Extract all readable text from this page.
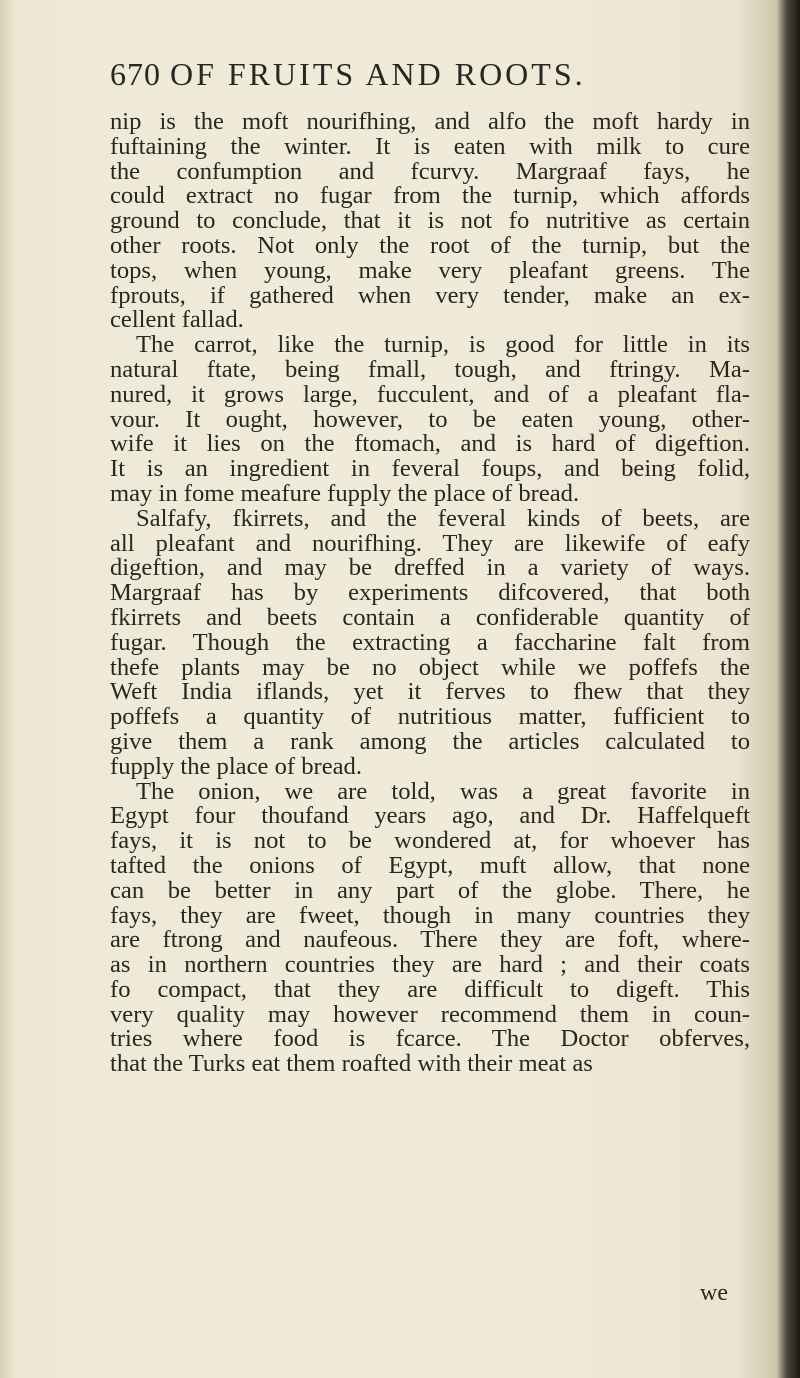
670 OF FRUITS AND ROOTS.
nip is the moft nourifhing, and alfo the moft hardy in
fuftaining the winter. It is eaten with milk to cure
the confumption and fcurvy. Margraaf fays, he
could extract no fugar from the turnip, which affords
ground to conclude, that it is not fo nutritive as certain
other roots. Not only the root of the turnip, but the
tops, when young, make very pleafant greens. The
fprouts, if gathered when very tender, make an ex-
cellent fallad.
The carrot, like the turnip, is good for little in its
natural ftate, being fmall, tough, and ftringy. Ma-
nured, it grows large, fucculent, and of a pleafant fla-
vour. It ought, however, to be eaten young, other-
wife it lies on the ftomach, and is hard of digeftion.
It is an ingredient in feveral foups, and being folid,
may in fome meafure fupply the place of bread.
Salfafy, fkirrets, and the feveral kinds of beets, are
all pleafant and nourifhing. They are likewife of eafy
digeftion, and may be dreffed in a variety of ways.
Margraaf has by experiments difcovered, that both
fkirrets and beets contain a confiderable quantity of
fugar. Though the extracting a faccharine falt from
thefe plants may be no object while we poffefs the
Weft India iflands, yet it ferves to fhew that they
poffefs a quantity of nutritious matter, fufficient to
give them a rank among the articles calculated to
fupply the place of bread.
The onion, we are told, was a great favorite in
Egypt four thoufand years ago, and Dr. Haffelqueft
fays, it is not to be wondered at, for whoever has
tafted the onions of Egypt, muft allow, that none
can be better in any part of the globe. There, he
fays, they are fweet, though in many countries they
are ftrong and naufeous. There they are foft, where-
as in northern countries they are hard ; and their coats
fo compact, that they are difficult to digeft. This
very quality may however recommend them in coun-
tries where food is fcarce. The Doctor obferves,
that the Turks eat them roafted with their meat as
we
